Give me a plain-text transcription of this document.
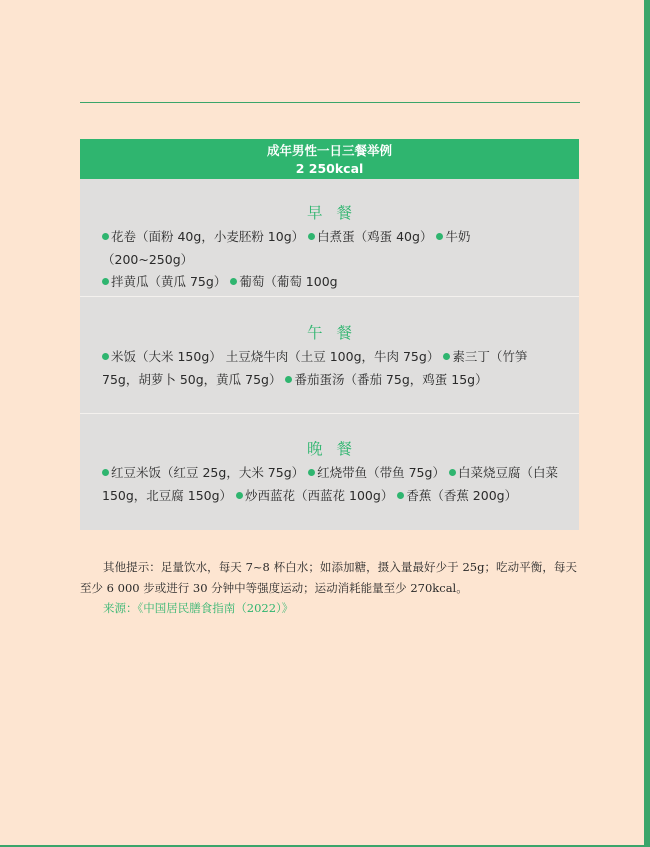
成年男性一日三餐举例
2 250kcal
早餐
花卷（面粉 40g，小麦胚粉 10g） 白煮蛋（鸡蛋 40g） 牛奶（200~250g）
拌黄瓜（黄瓜 75g） 葡萄（葡萄 100g
午餐
米饭（大米 150g） 土豆烧牛肉（土豆 100g，牛肉 75g） 素三丁（竹笋 75g，胡萝卜 50g，黄瓜 75g） 番茄蛋汤（番茄 75g，鸡蛋 15g）
晚餐
红豆米饭（红豆 25g，大米 75g） 红烧带鱼（带鱼 75g） 白菜烧豆腐（白菜 150g，北豆腐 150g） 炒西蓝花（西蓝花 100g） 香蕉（香蕉 200g）
其他提示：足量饮水，每天 7~8 杯白水；如添加糖，摄入量最好少于 25g；吃动平衡，每天至少 6 000 步或进行 30 分钟中等强度运动；运动消耗能量至少 270kcal。
来源：《中国居民膳食指南（2022）》
